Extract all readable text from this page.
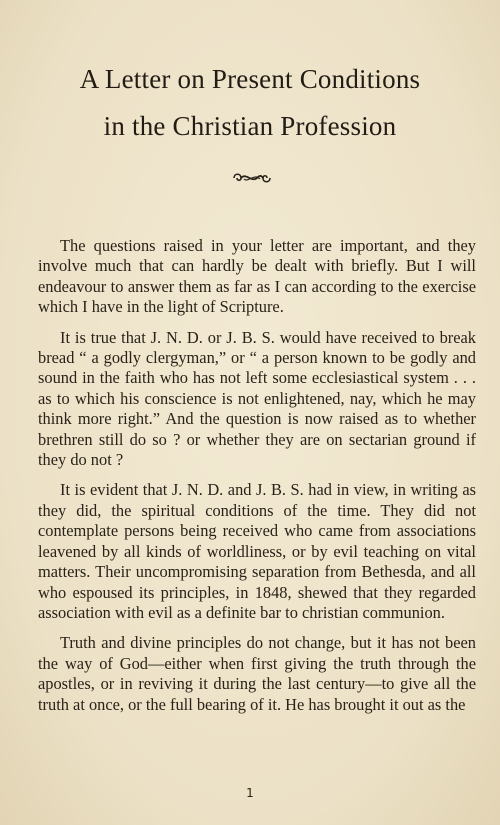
A Letter on Present Conditions
in the Christian Profession

The questions raised in your letter are important, and they involve much that can hardly be dealt with briefly. But I will endeavour to answer them as far as I can according to the exercise which I have in the light of Scripture.

It is true that J. N. D. or J. B. S. would have received to break bread “ a godly clergyman,” or “ a person known to be godly and sound in the faith who has not left some ecclesiastical system . . . as to which his conscience is not enlightened, nay, which he may think more right.” And the question is now raised as to whether brethren still do so ? or whether they are on sectarian ground if they do not ?

It is evident that J. N. D. and J. B. S. had in view, in writing as they did, the spiritual conditions of the time. They did not contemplate persons being received who came from associations leavened by all kinds of worldliness, or by evil teaching on vital matters. Their uncompromising separation from Bethesda, and all who espoused its principles, in 1848, shewed that they regarded association with evil as a definite bar to christian communion.

Truth and divine principles do not change, but it has not been the way of God—either when first giving the truth through the apostles, or in reviving it during the last century—to give all the truth at once, or the full bearing of it. He has brought it out as the

1
